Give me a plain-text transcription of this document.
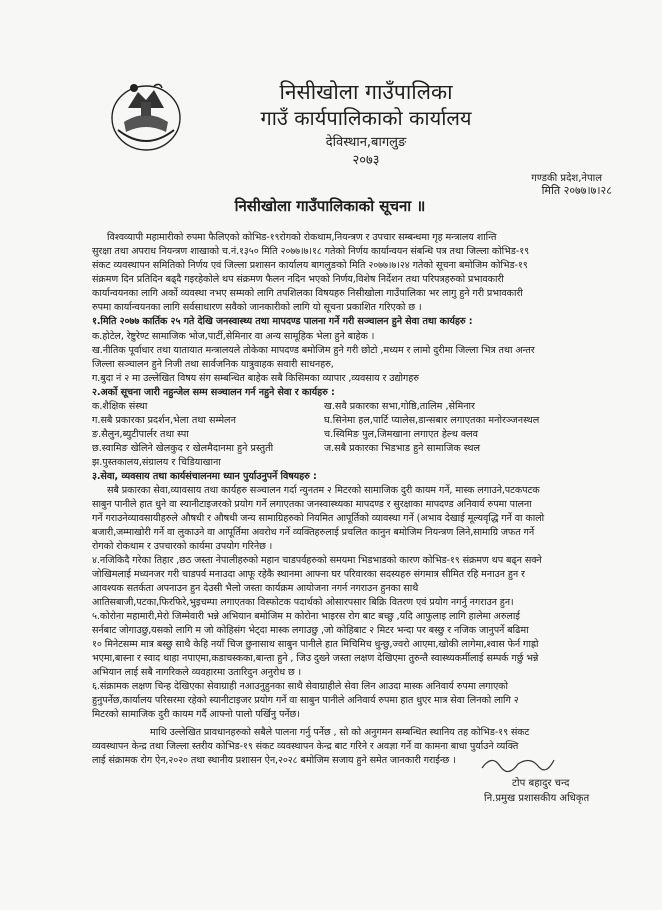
निसीखोला गाउँपालिका
गाउँ कार्यपालिकाको कार्यालय
देविस्थान,बागलुङ
२०७३
गण्डकी प्रदेश,नेपाल
मिति २०७७।७।२८
निसीखोला गाउँपालिकाको सूचना ॥
विश्वव्यापी महामारीको रुपमा फैलिएको कोभिड-१९रोगको रोकथाम,नियन्त्रण र उपचार सम्बन्धमा गृह मन्त्रालय शान्ति
सुरक्षा तथा अपराध नियन्त्रण शाखाको च.नं.१३५० मिति २०७७।७।१८ गतेको निर्णय कार्यान्वयन संबन्धि पत्र तथा जिल्ला कोभिड-१९
संकट व्यवस्थापन समितिको निर्णय एवं जिल्ला प्रशासन कार्यालय बागलुङको मिति २०७७।७।२४ गतेको सूचना बमोजिम कोभिड-१९
संक्रमण दिन प्रतिदिन बढ्दै गइरहेकोले थप संक्रमण फैलन नदिन भएको निर्णय,विशेष निर्देशन तथा परिपत्रहरुको प्रभावकारी
कार्यान्वयनका लागि अर्को व्यवस्था नभए सम्मको लागि तपशिलका विषयहरु निसीखोला गाउँपालिका भर लागु हुने गरी प्रभावकारी
रुपमा कार्यान्वयनका लागि सर्वसाधारण सवैको जानकारीको लागि यो सूचना प्रकाशित गरिएको छ ।
१.मिति २०७७ कार्तिक २५ गते देखि जनस्वास्थ्य तथा मापदण्ड पालना गर्ने गरी सञ्चालन हुने सेवा तथा कार्यहरु :
क.होटेल, रेष्टुरेण्ट सामाजिक भोज,पार्टी,सेमिनार वा अन्य सामूहिक भेला हुने बाहेक ।
ख.नीतिक पूर्वाधार तथा यातायात मन्त्रालयले तोकेका मापदण्ड बमोजिम हुने गरी छोटो ,मध्यम र लामो दुरीमा जिल्ला भित्र तथा अन्तर
जिल्ला सञ्चालन हुने निजी तथा सार्वजनिक यात्रुवाहक सवारी साधनहरु,
ग.बुदा नं २ मा उल्लेखित विषय संग सम्बन्धित बाहेक सबै किसिमका व्यापार ,व्यवसाय र उद्योगहरु
२.अर्को सूचना जारी नहुन्जेल सम्म सञ्चालन गर्न नहुने सेवा र कार्यहरु :
क.शैक्षिक संस्था
ग.सबै प्रकारका प्रदर्शन,भेला तथा सम्मेलन
ङ.सैलुन,ब्युटीपार्लर तथा स्पा
छ.स्वामिङ खेलिने खेलकुद र खेलमैदानमा हुने प्रस्तुती
झ.पुस्तकालय,संग्रालय र चिडियाखाना
ख.सवै प्रकारका सभा,गोष्ठि,तालिम ,सेमिनार
घ.सिनेमा हल,पार्टि प्यालेस,डान्सबार लगाएतका मनोरञ्जनस्थल
च.स्विमिङ पुल,जिमखाना लगाएत हेल्थ क्लव
ज.सबै प्रकारका भिडभाड हुने सामाजिक स्थल
३.सेवा, व्यवसाय तथा कार्यसंचालनमा ध्यान पुर्याउनुपर्ने विषयहरु :
सबै प्रकारका सेवा,व्यावसाय तथा कार्यहरु सञ्चालन गर्दा न्युनतम २ मिटरको सामाजिक दुरी कायम गर्ने, मास्क लगाउने,पटकपटक
साबुन पानीले हात धुने वा स्यानीटाइजरको प्रयोग गर्ने लगाएतका जनस्वास्थ्यका मापदण्ड र सुरक्षाका मापदण्ड अनिवार्य रुपमा पालना
गर्ने गराउनेव्यावसायीहरुले औषधी र औषधी जन्य सामाग्रिहरुको नियमित आपूर्तिको व्यावस्था गर्ने (अभाव देखाई मूल्यवृद्धि गर्ने वा कालो
बजारी,जम्माखोरी गर्ने वा लुकाउने वा आपूर्तिमा अवरोध गर्ने व्यक्तिहरुलाई प्रचलित कानुन बमोजिम नियन्त्रण लिने,सामाग्रि जफत गर्ने
रोगको रोकथाम र उपचारको कार्यमा उपयोग गरिनेछ ।
४.नजिकिदै गरेका तिहार ,छठ जस्ता नेपालीहरुको महान चाडपर्वहरुको समयमा भिडभाडको कारण कोभिड-१९ संक्रमण थप बढ्न सक्ने
जोखिमलाई मध्यनजर गरी चाडपर्व मनाउदा आफू रहेकै स्थानमा आफ्ना घर परिवारका सदस्यहरु संगमात्र सीमित रहि मनाउन हुन र
आवश्यक सतर्कता अपनाउन हुन देउसी भैलो जस्ता कार्यक्रम आयोजना नगर्न नगराउन हुनका साथै
आतिसबाजी,पटका,फिरफिरे,भुइचम्पा लगाएतका विस्फोटक पदार्थको ओसारपसार बिक्रि वितरण एवं प्रयोग नगर्नु नगराउन हुन।
५.कोरोना महामारी,मेरो जिम्मेवारी भन्ने अभियान बमोजिम म कोरोना भाइरस रोग बाट बच्छु ,यदि आफुलाइ लागि हालेमा अरुलाई
सर्नबाट जोगाउछु,यसको लागि म जो कोहिसंग भेट्दा मास्क लगाउछु ,जो कोहिबाट २ मिटर भन्दा पर बस्छु र नजिक जानुपर्ने बढिमा
१० मिनेटसम्म मात्र बस्छु साथै केहि नयाँ चिज छुनासाथ साबुन पानीले हात मिचिमिच धुन्छु,ज्वरो आएमा,खोकी लागेमा,श्वास फेर्न गाह्रो
भएमा,बास्ना र स्वाद थाहा नपाएमा,कडाचस्कका,बान्ता हुने , जिउ दुख्ने जस्ता लक्षण देखिएमा तुरुन्तै स्वास्थ्यकर्मीलाई सम्पर्क गर्छु भन्ने
अभियान लाई सबै नागरिकले व्यवहारमा उतारिदुन अनुरोध छ ।
६.संक्रामक लक्षण चिन्ह देखिएका सेवाग्राही नआउनुहुनका साथै सेवाग्राहीले सेवा लिन आउदा मास्क अनिवार्य रुपमा लगाएको
हुनुपर्नेछ,कार्यालय परिसरमा रहेको स्यानीटाइजर प्रयोग गर्ने वा साबुन पानीले अनिवार्य रुपमा हात धुएर मात्र सेवा लिनको लागि २
मिटरको सामाजिक दुरी कायम गर्दै आफ्नो पालो पर्खिनु पर्नेछ।
माथि उल्लेखित प्रावधानहरुको सबैले पालना गर्नु पर्नेछ , सो को अनुगमन सम्बन्धित स्थानिय तह कोभिड-१९ संकट
व्यवस्थापन केन्द्र तथा जिल्ला स्तरीय कोभिड-१९ संकट व्यवस्थापन केन्द्र बाट गरिने र अवज्ञा गर्ने वा कामना बाधा पुर्याउने व्यक्ति
लाई संक्रामक रोग ऐन,२०२० तथा स्थानीय प्रशासन ऐन,२०२८ बमोजिम सजाय हुने समेत जानकारी गराईन्छ ।
टोप बहादुर चन्द
नि.प्रमुख प्रशासकीय अधिकृत
